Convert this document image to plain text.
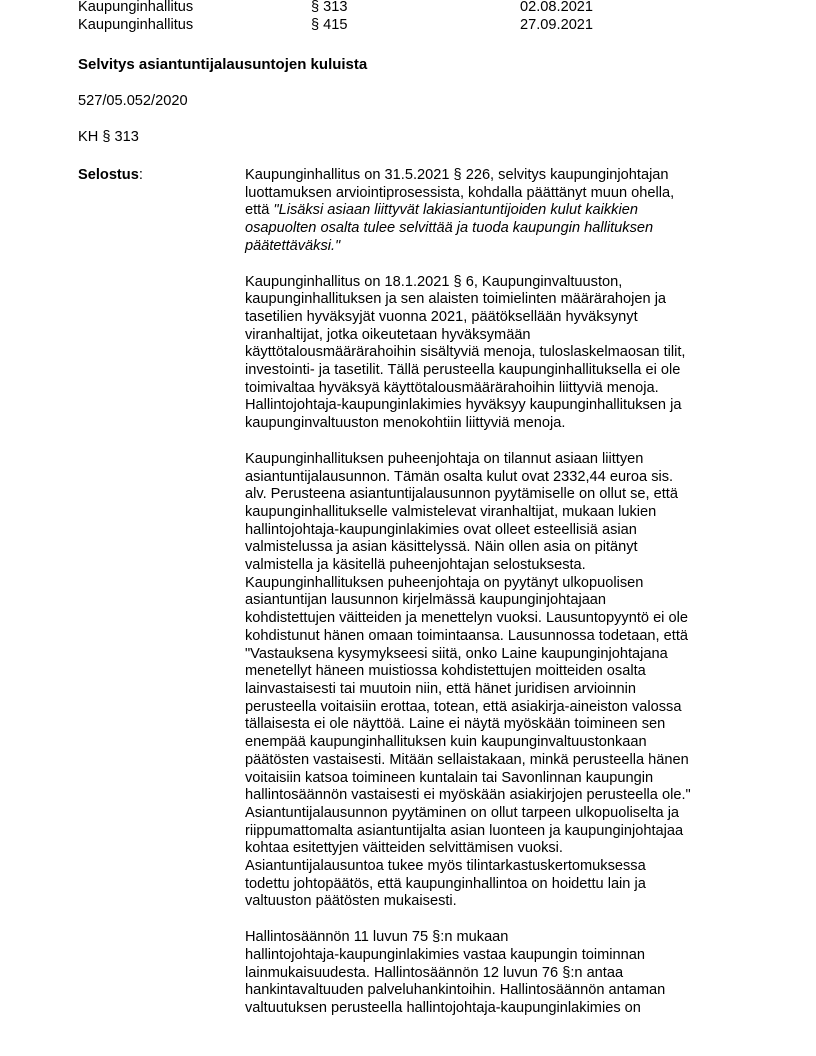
Kaupunginhallitus	§ 313	02.08.2021
Kaupunginhallitus	§ 415	27.09.2021
Selvitys asiantuntijalausuntojen kuluista
527/05.052/2020
KH § 313
Selostus:	Kaupunginhallitus on 31.5.2021 § 226, selvitys kaupunginjohtajan
luottamuksen arviointiprosessista, kohdalla päättänyt muun ohella,
että "Lisäksi asiaan liittyvät lakiasiantuntijoiden kulut kaikkien
osapuolten osalta tulee selvittää ja tuoda kaupungin hallituksen
päätettäväksi."
Kaupunginhallitus on 18.1.2021 § 6, Kaupunginvaltuuston,
kaupunginhallituksen ja sen alaisten toimielinten määrärahojen ja
tasetilien hyväksyjät vuonna 2021, päätöksellään hyväksynyt
viranhaltijat, jotka oikeutetaan hyväksymään
käyttötalousmäärärahoihin sisältyviä menoja, tuloslaskelmaosan tilit,
investointi- ja tasetilit. Tällä perusteella kaupunginhallituksella ei ole
toimivaltaa hyväksyä käyttötalousmäärärahoihin liittyviä menoja.
Hallintojohtaja-kaupunginlakimies hyväksyy kaupunginhallituksen ja
kaupunginvaltuuston menokohtiin liittyviä menoja.
Kaupunginhallituksen puheenjohtaja on tilannut asiaan liittyen
asiantuntijalausunnon. Tämän osalta kulut ovat 2332,44 euroa sis.
alv. Perusteena asiantuntijalausunnon pyytämiselle on ollut se, että
kaupunginhallitukselle valmistelevat viranhaltijat, mukaan lukien
hallintojohtaja-kaupunginlakimies ovat olleet esteellisiä asian
valmistelussa ja asian käsittelyssä. Näin ollen asia on pitänyt
valmistella ja käsitellä puheenjohtajan selostuksesta.
Kaupunginhallituksen puheenjohtaja on pyytänyt ulkopuolisen
asiantuntijan lausunnon kirjelmässä kaupunginjohtajaan
kohdistettujen väitteiden ja menettelyn vuoksi. Lausuntopyyntö ei ole
kohdistunut hänen omaan toimintaansa. Lausunnossa todetaan, että
"Vastauksena kysymykseesi siitä, onko Laine kaupunginjohtajana
menetellyt häneen muistiossa kohdistettujen moitteiden osalta
lainvastaisesti tai muutoin niin, että hänet juridisen arvioinnin
perusteella voitaisiin erottaa, totean, että asiakirja-aineiston valossa
tällaisesta ei ole näyttöä. Laine ei näytä myöskään toimineen sen
enempää kaupunginhallituksen kuin kaupunginvaltuustonkaan
päätösten vastaisesti. Mitään sellaistakaan, minkä perusteella hänen
voitaisiin katsoa toimineen kuntalain tai Savonlinnan kaupungin
hallintosäännön vastaisesti ei myöskään asiakirjojen perusteella ole."
Asiantuntijalausunnon pyytäminen on ollut tarpeen ulkopuoliselta ja
riippumattomalta asiantuntijalta asian luonteen ja kaupunginjohtajaa
kohtaa esitettyjen väitteiden selvittämisen vuoksi.
Asiantuntijalausuntoa tukee myös tilintarkastuskertomuksessa
todettu johtopäätös, että kaupunginhallintoa on hoidettu lain ja
valtuuston päätösten mukaisesti.
Hallintosäännön 11 luvun 75 §:n mukaan
hallintojohtaja-kaupunginlakimies vastaa kaupungin toiminnan
lainmukaisuudesta. Hallintosäännön 12 luvun 76 §:n antaa
hankintavaltuuden palveluhankintoihin. Hallintosäännön antaman
valtuutuksen perusteella hallintojohtaja-kaupunginlakimies on
